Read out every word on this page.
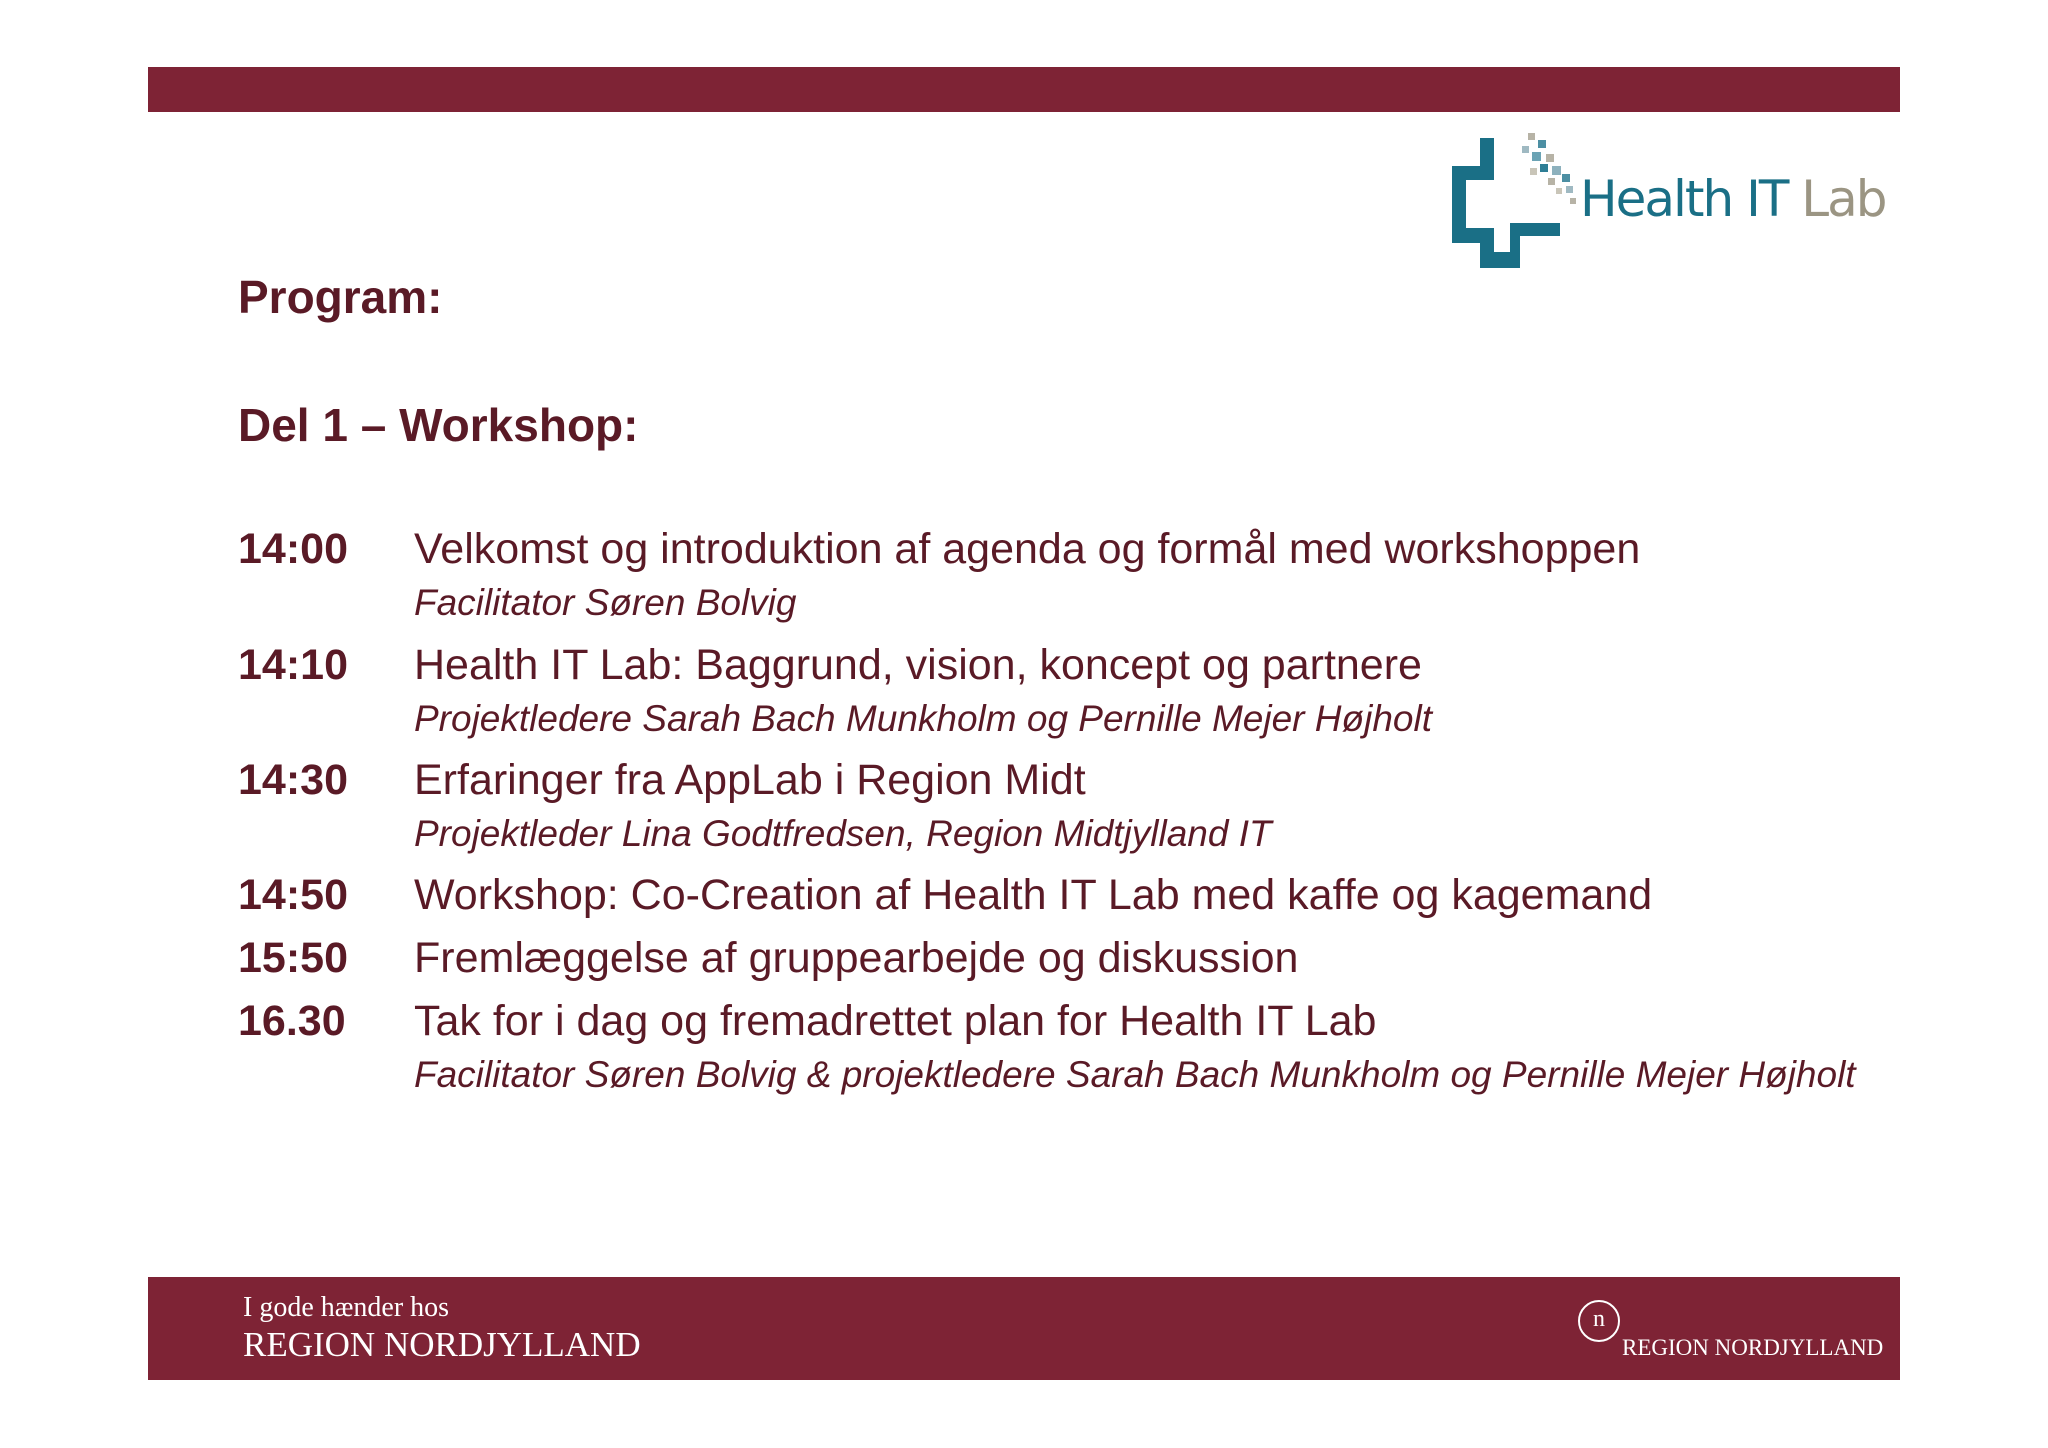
Health IT Lab
Program:
Del 1 – Workshop:
14:00	Velkomst og introduktion af agenda og formål med workshoppen
Facilitator Søren Bolvig
14:10	Health IT Lab: Baggrund, vision, koncept og partnere
Projektledere Sarah Bach Munkholm og Pernille Mejer Højholt
14:30	Erfaringer fra AppLab i Region Midt
Projektleder Lina Godtfredsen, Region Midtjylland IT
14:50	Workshop: Co-Creation af Health IT Lab med kaffe og kagemand
15:50	Fremlæggelse af gruppearbejde og diskussion
16.30	Tak for i dag og fremadrettet plan for Health IT Lab
Facilitator Søren Bolvig & projektledere Sarah Bach Munkholm og Pernille Mejer Højholt
I gode hænder hos
REGION NORDJYLLAND
n
REGION NORDJYLLAND
